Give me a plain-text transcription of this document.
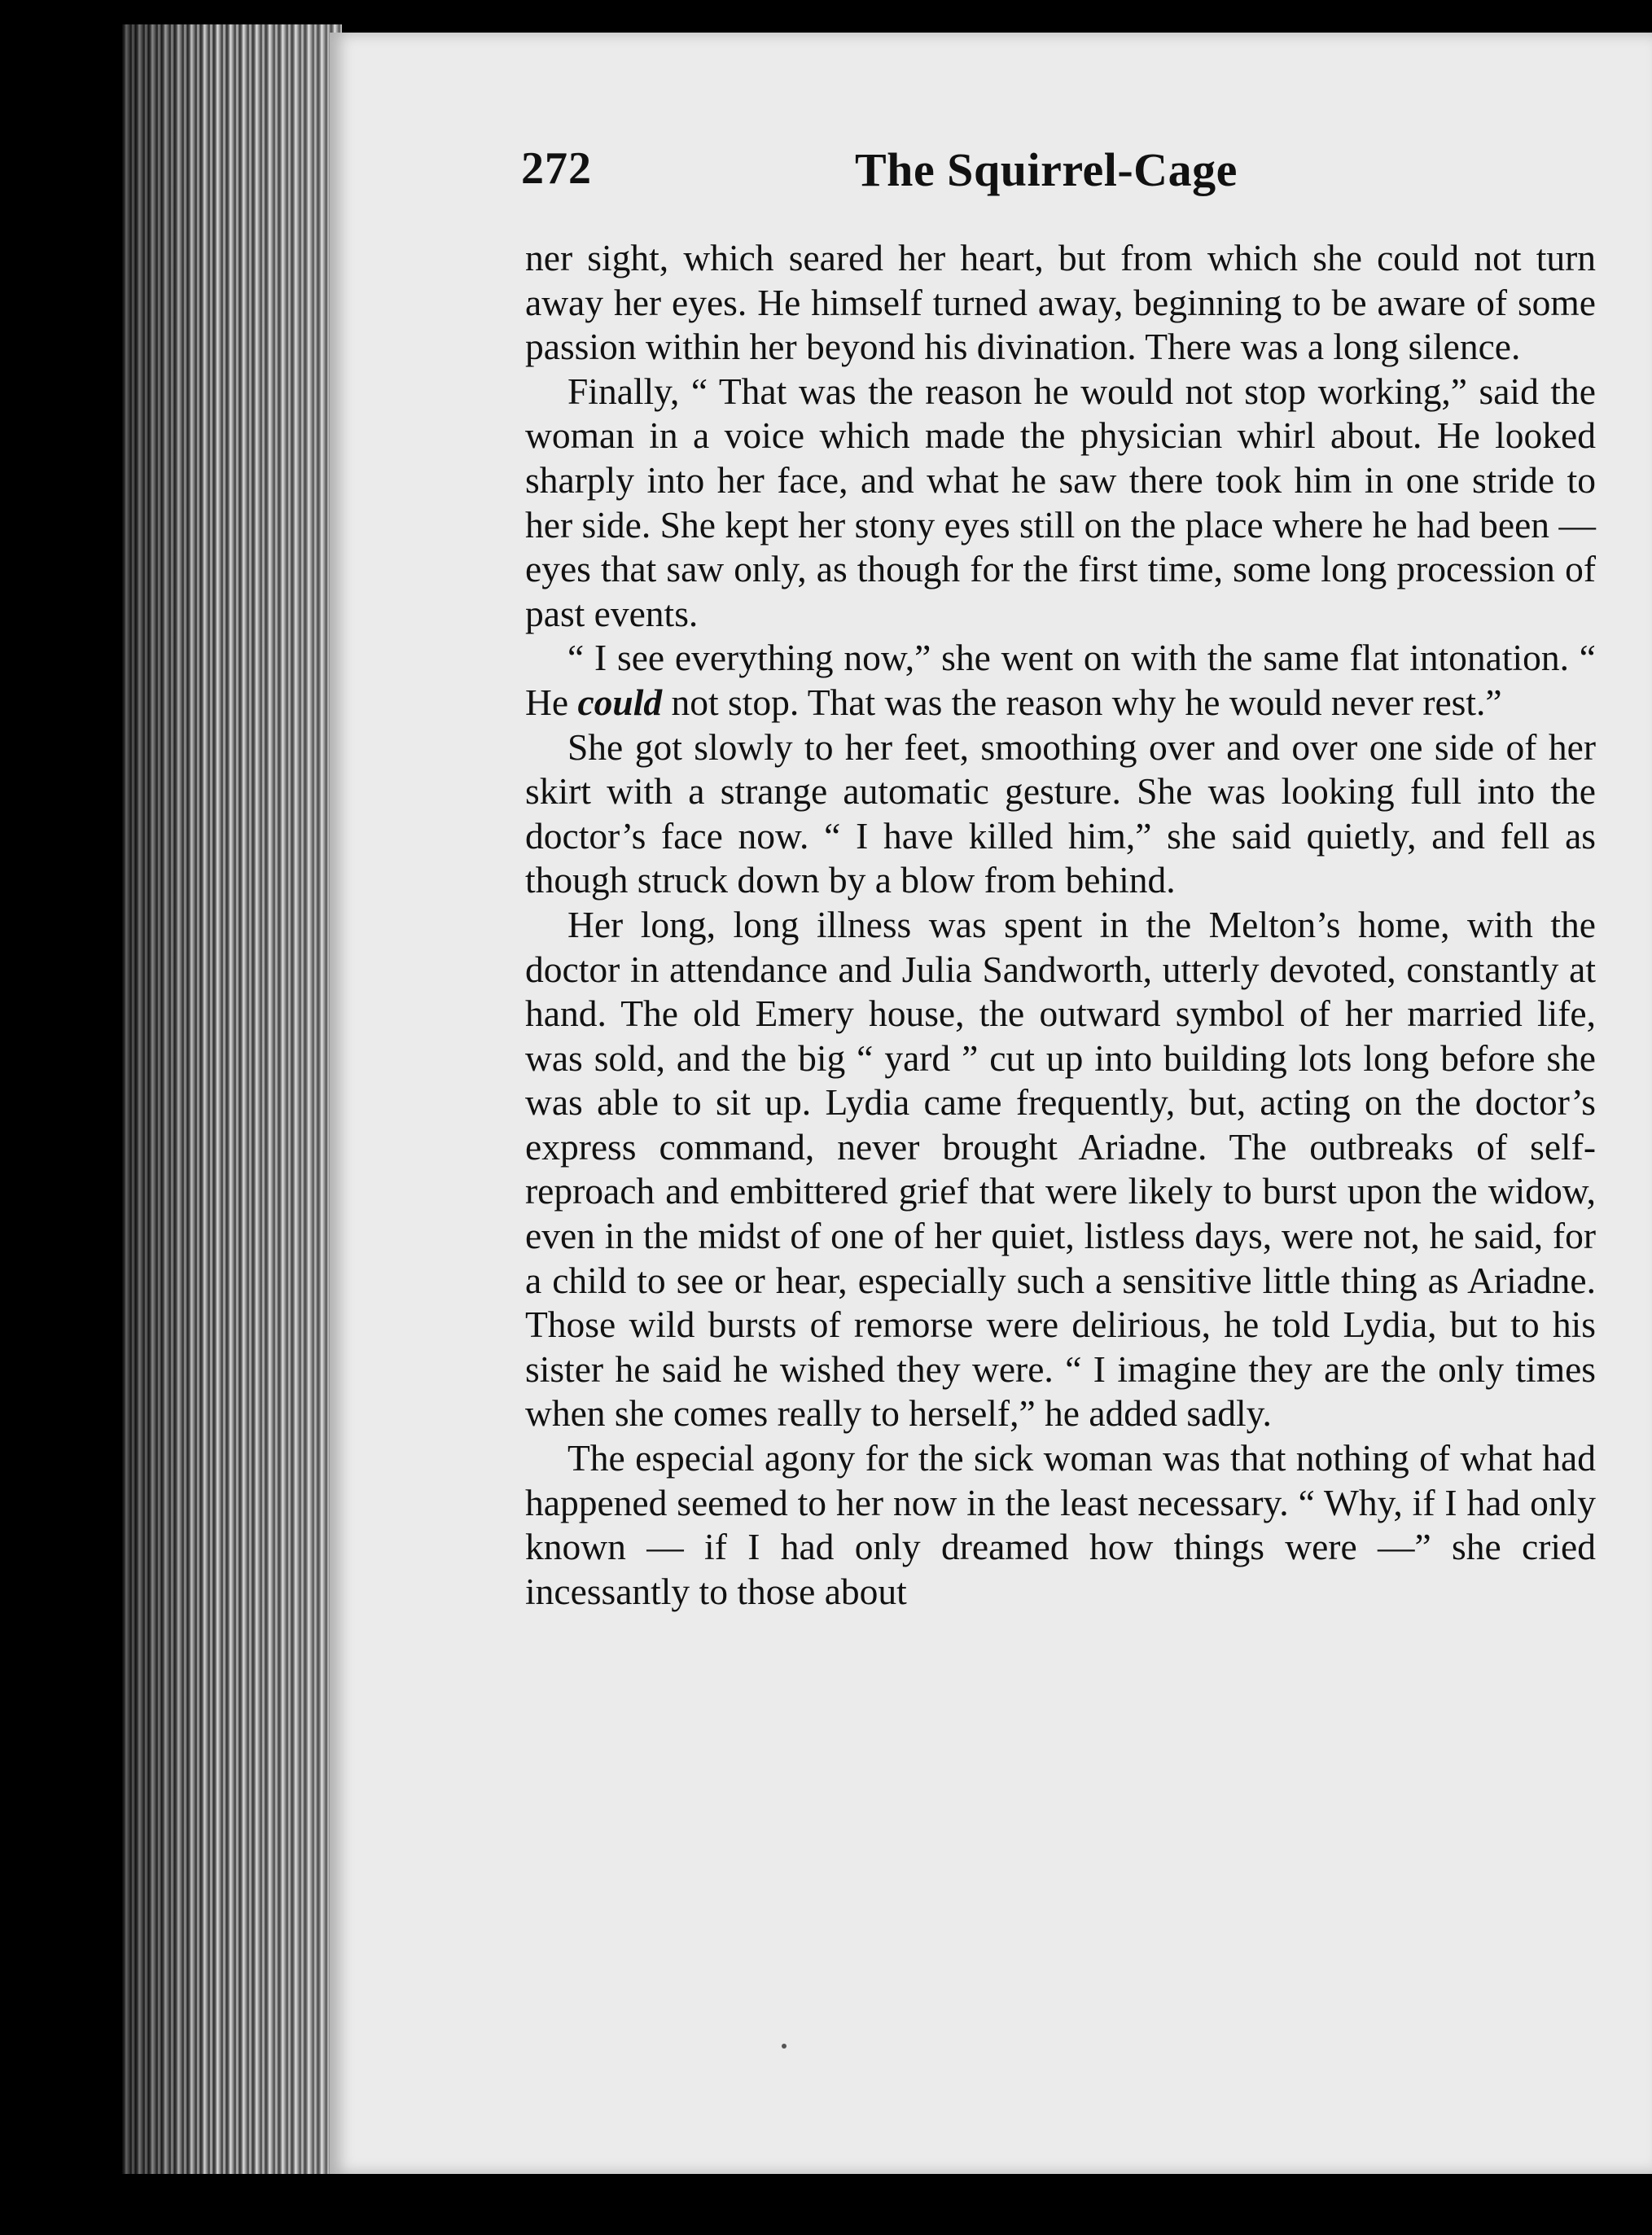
272	The Squirrel-Cage

ner sight, which seared her heart, but from which she could not turn away her eyes. He himself turned away, beginning to be aware of some passion within her beyond his divination. There was a long silence.

Finally, “ That was the reason he would not stop working,” said the woman in a voice which made the physician whirl about. He looked sharply into her face, and what he saw there took him in one stride to her side. She kept her stony eyes still on the place where he had been — eyes that saw only, as though for the first time, some long procession of past events.

“ I see everything now,” she went on with the same flat intonation. “ He could not stop. That was the reason why he would never rest.”

She got slowly to her feet, smoothing over and over one side of her skirt with a strange automatic gesture. She was looking full into the doctor’s face now. “ I have killed him,” she said quietly, and fell as though struck down by a blow from behind.

Her long, long illness was spent in the Melton’s home, with the doctor in attendance and Julia Sandworth, utterly devoted, constantly at hand. The old Emery house, the outward symbol of her married life, was sold, and the big “ yard ” cut up into building lots long before she was able to sit up. Lydia came frequently, but, acting on the doctor’s express command, never brought Ariadne. The outbreaks of self-reproach and embittered grief that were likely to burst upon the widow, even in the midst of one of her quiet, listless days, were not, he said, for a child to see or hear, especially such a sensitive little thing as Ariadne. Those wild bursts of remorse were delirious, he told Lydia, but to his sister he said he wished they were. “ I imagine they are the only times when she comes really to herself,” he added sadly.

The especial agony for the sick woman was that nothing of what had happened seemed to her now in the least necessary. “ Why, if I had only known — if I had only dreamed how things were —” she cried incessantly to those about
